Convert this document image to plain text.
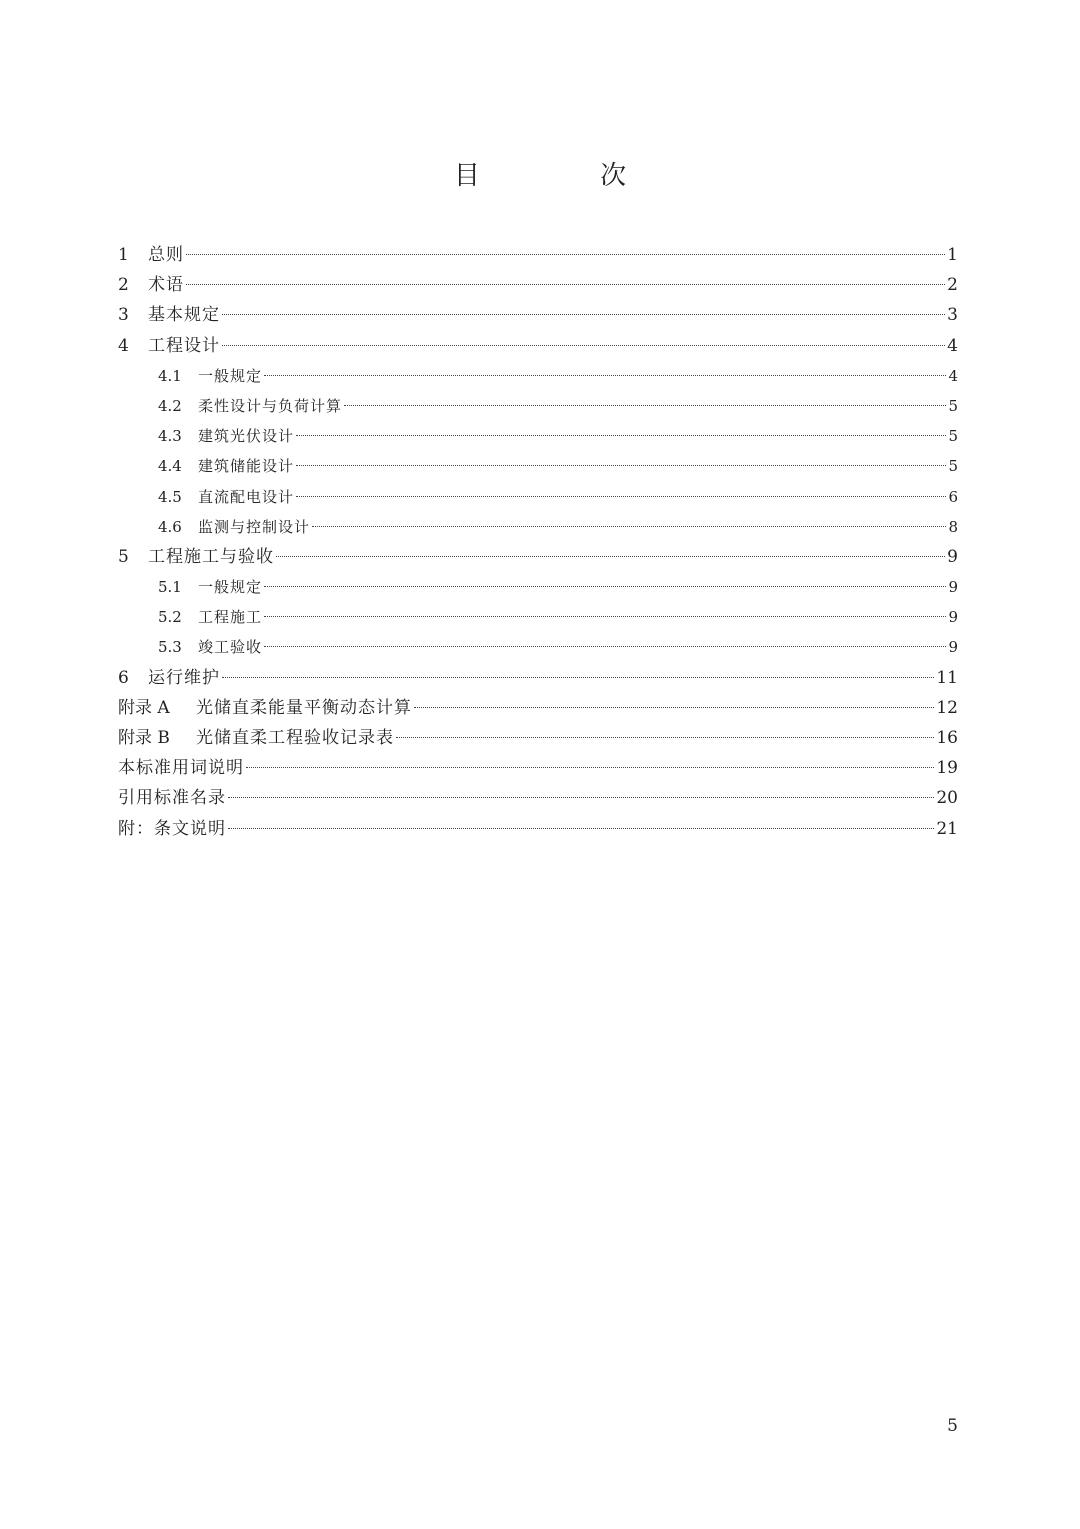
目 次
1	总则	1
2	术语	2
3	基本规定	3
4	工程设计	4
4.1	一般规定	4
4.2	柔性设计与负荷计算	5
4.3	建筑光伏设计	5
4.4	建筑储能设计	5
4.5	直流配电设计	6
4.6	监测与控制设计	8
5	工程施工与验收	9
5.1	一般规定	9
5.2	工程施工	9
5.3	竣工验收	9
6	运行维护	11
附录 A	光储直柔能量平衡动态计算	12
附录 B	光储直柔工程验收记录表	16
本标准用词说明	19
引用标准名录	20
附：条文说明	21
5
